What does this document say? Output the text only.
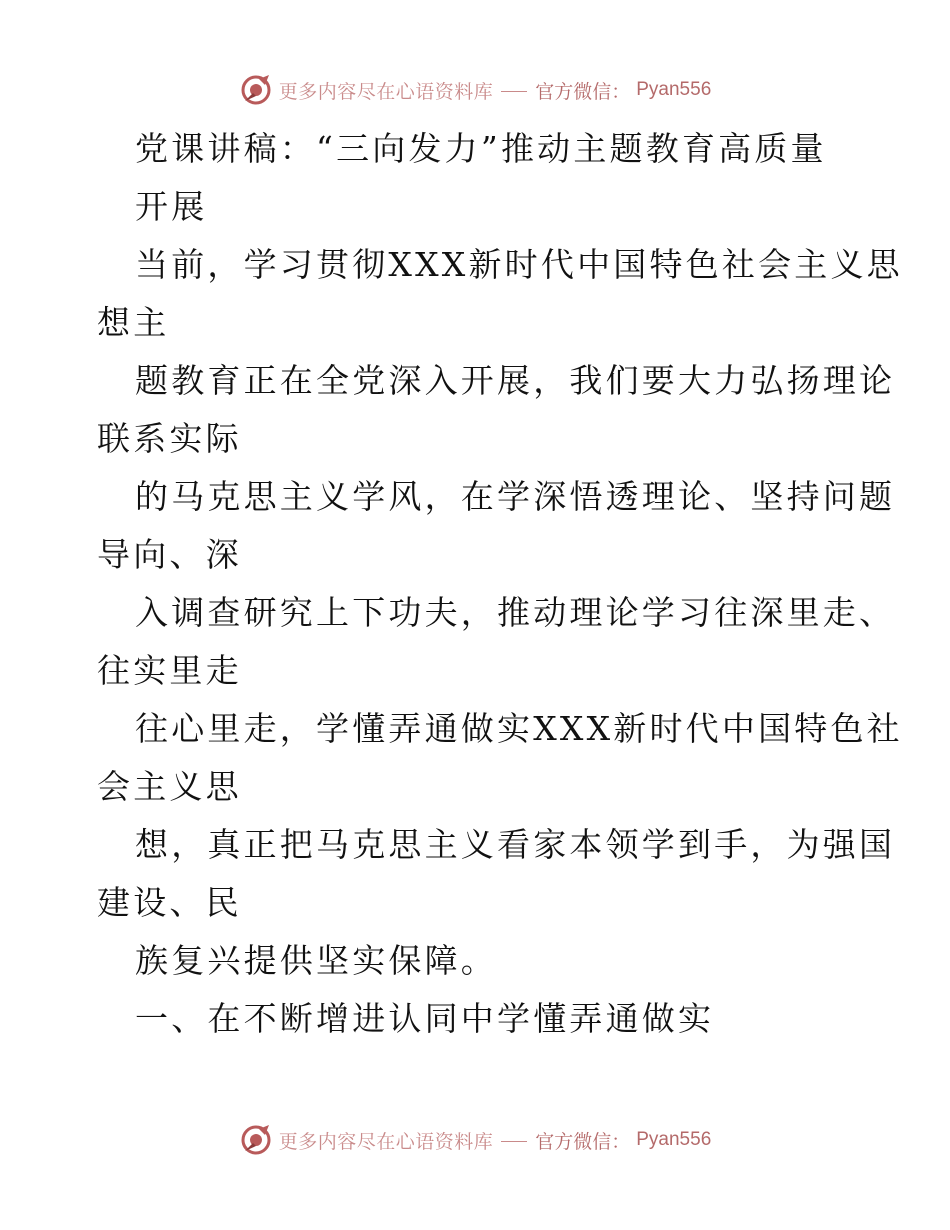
更多内容尽在心语资料库 官方微信： Pyan556
党课讲稿：“三向发力”推动主题教育高质量
开展
当前，学习贯彻XXX新时代中国特色社会主义思
想主
题教育正在全党深入开展，我们要大力弘扬理论
联系实际
的马克思主义学风，在学深悟透理论、坚持问题
导向、深
入调查研究上下功夫，推动理论学习往深里走、
往实里走
往心里走，学懂弄通做实XXX新时代中国特色社
会主义思
想，真正把马克思主义看家本领学到手，为强国
建设、民
族复兴提供坚实保障。
一、在不断增进认同中学懂弄通做实
更多内容尽在心语资料库 官方微信： Pyan556
